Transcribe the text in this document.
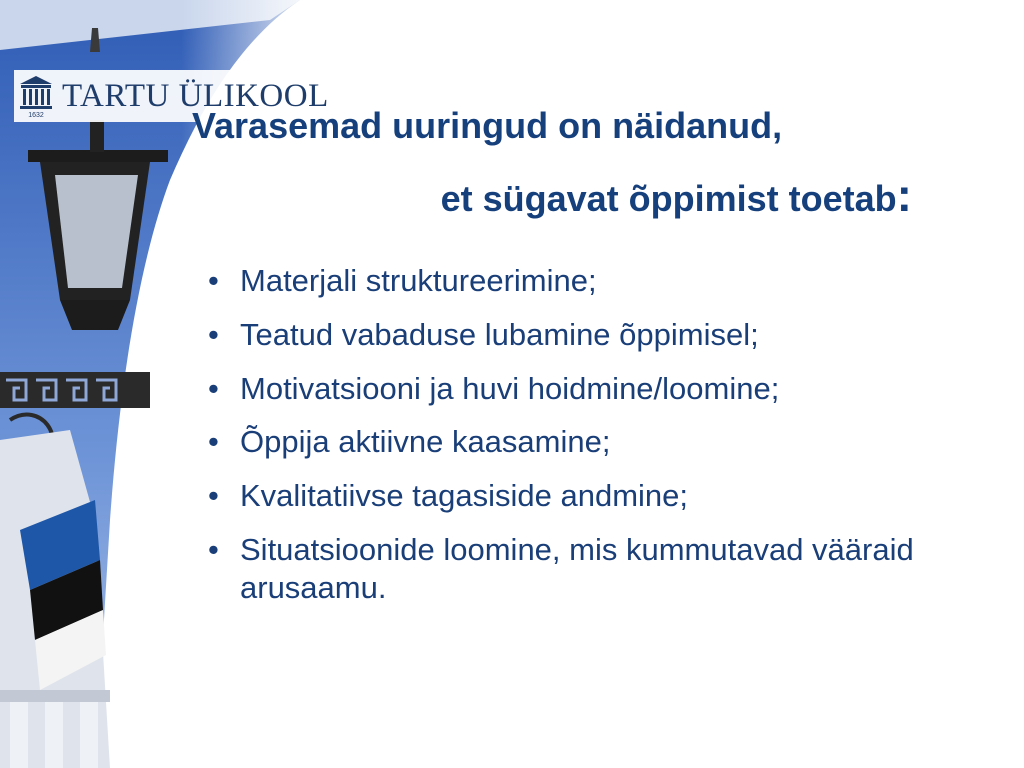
1632
TARTU ÜLIKOOL
Varasemad uuringud on näidanud,
et sügavat õppimist toetab:
• Materjali struktureerimine;
• Teatud vabaduse lubamine õppimisel;
• Motivatsiooni ja huvi hoidmine/loomine;
• Õppija aktiivne kaasamine;
• Kvalitatiivse tagasiside andmine;
• Situatsioonide loomine, mis kummutavad vääraid arusaamu.
